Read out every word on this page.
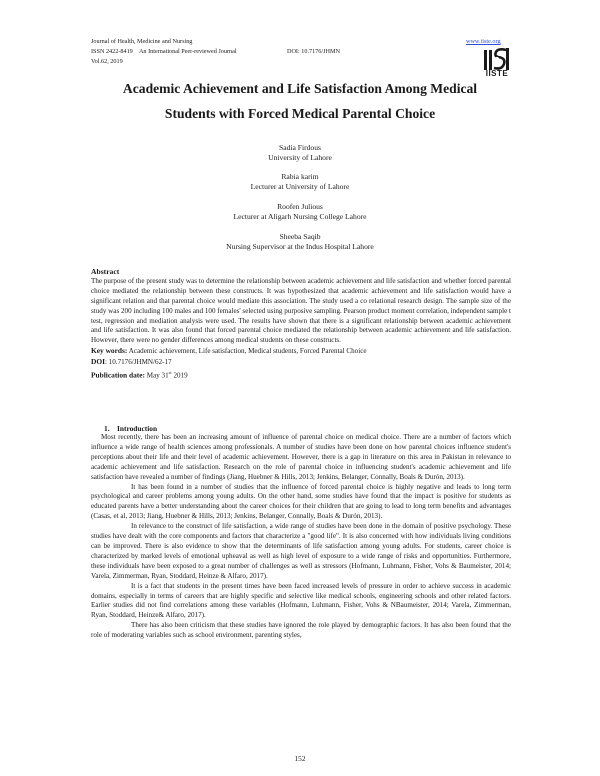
Journal of Health, Medicine and Nursing
ISSN 2422-8419 An International Peer-reviewed Journal	DOI: 10.7176/JHMN
Vol.62, 2019
www.iiste.org
IISTE
Academic Achievement and Life Satisfaction Among Medical
Students with Forced Medical Parental Choice
Sadia Firdous
University of Lahore
Rabia karim
Lecturer at University of Lahore
Roofen Julious
Lecturer at Aligarh Nursing College Lahore
Sheeba Saqib
Nursing Supervisor at the Indus Hospital Lahore
Abstract

The purpose of the present study was to determine the relationship between academic achievement and life satisfaction and whether forced parental choice mediated the relationship between these constructs. It was hypothesized that academic achievement and life satisfaction would have a significant relation and that parental choice would mediate this association. The study used a co relational research design. The sample size of the study was 200 including 100 males and 100 females' selected using purposive sampling. Pearson product moment correlation, independent sample t test, regression and mediation analysis were used. The results have shown that there is a significant relationship between academic achievement and life satisfaction. It was also found that forced parental choice mediated the relationship between academic achievement and life satisfaction. However, there were no gender differences among medical students on these constructs.

Key words: Academic achievement, Life satisfaction, Medical students, Forced Parental Choice
DOI: 10.7176/JHMN/62-17
Publication date: May 31st 2019
1. Introduction

Most recently, there has been an increasing amount of influence of parental choice on medical choice. There are a number of factors which influence a wide range of health sciences among professionals. A number of studies have been done on how parental choices influence student's perceptions about their life and their level of academic achievement. However, there is a gap in literature on this area in Pakistan in relevance to academic achievement and life satisfaction. Research on the role of parental choice in influencing student's academic achievement and life satisfaction have revealed a number of findings (Jiang, Huebner & Hills, 2013; Jenkins, Belanger, Connally, Boals & Durón, 2013).

It has been found in a number of studies that the influence of forced parental choice is highly negative and leads to long term psychological and career problems among young adults. On the other hand, some studies have found that the impact is positive for students as educated parents have a better understanding about the career choices for their children that are going to lead to long term benefits and advantages (Casas, et al, 2013; Jiang, Huebner & Hills, 2013; Jenkins, Belanger, Connally, Boals & Durón, 2013).

In relevance to the construct of life satisfaction, a wide range of studies have been done in the domain of positive psychology. These studies have dealt with the core components and factors that characterize a "good life". It is also concerned with how individuals living conditions can be improved. There is also evidence to show that the determinants of life satisfaction among young adults. For students, career choice is characterized by marked levels of emotional upheaval as well as high level of exposure to a wide range of risks and opportunities. Furthermore, these individuals have been exposed to a great number of challenges as well as stressors (Hofmann, Luhmann, Fisher, Vohs & Baumeister, 2014; Varela, Zimmerman, Ryan, Stoddard, Heinze & Alfaro, 2017).

It is a fact that students in the present times have been faced increased levels of pressure in order to achieve success in academic domains, especially in terms of careers that are highly specific and selective like medical schools, engineering schools and other related factors. Earlier studies did not find correlations among these variables (Hofmann, Luhmann, Fisher, Vohs & NBaumeister, 2014; Varela, Zimmerman, Ryan, Stoddard, Heinze& Alfaro, 2017).

There has also been criticism that these studies have ignored the role played by demographic factors. It has also been found that the role of moderating variables such as school environment, parenting styles,

152
